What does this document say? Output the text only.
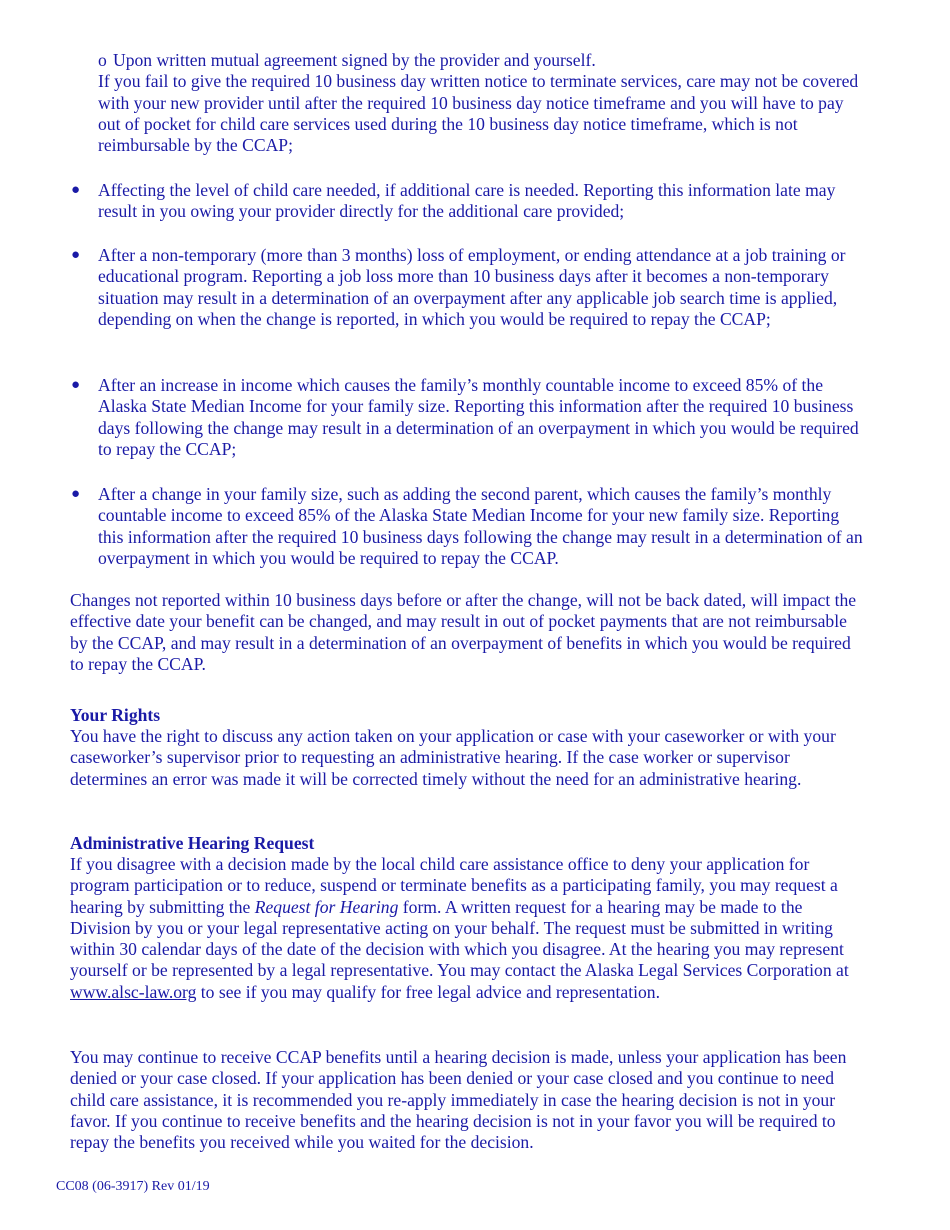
o Upon written mutual agreement signed by the provider and yourself.
If you fail to give the required 10 business day written notice to terminate services, care may not be covered with your new provider until after the required 10 business day notice timeframe and you will have to pay out of pocket for child care services used during the 10 business day notice timeframe, which is not reimbursable by the CCAP;
● Affecting the level of child care needed, if additional care is needed. Reporting this information late may result in you owing your provider directly for the additional care provided;
● After a non-temporary (more than 3 months) loss of employment, or ending attendance at a job training or educational program. Reporting a job loss more than 10 business days after it becomes a non-temporary situation may result in a determination of an overpayment after any applicable job search time is applied, depending on when the change is reported, in which you would be required to repay the CCAP;
● After an increase in income which causes the family’s monthly countable income to exceed 85% of the Alaska State Median Income for your family size. Reporting this information after the required 10 business days following the change may result in a determination of an overpayment in which you would be required to repay the CCAP;
● After a change in your family size, such as adding the second parent, which causes the family’s monthly countable income to exceed 85% of the Alaska State Median Income for your new family size. Reporting this information after the required 10 business days following the change may result in a determination of an overpayment in which you would be required to repay the CCAP.

Changes not reported within 10 business days before or after the change, will not be back dated, will impact the effective date your benefit can be changed, and may result in out of pocket payments that are not reimbursable by the CCAP, and may result in a determination of an overpayment of benefits in which you would be required to repay the CCAP.

Your Rights

You have the right to discuss any action taken on your application or case with your caseworker or with your caseworker’s supervisor prior to requesting an administrative hearing. If the case worker or supervisor determines an error was made it will be corrected timely without the need for an administrative hearing.

Administrative Hearing Request

If you disagree with a decision made by the local child care assistance office to deny your application for program participation or to reduce, suspend or terminate benefits as a participating family, you may request a hearing by submitting the Request for Hearing form. A written request for a hearing may be made to the Division by you or your legal representative acting on your behalf. The request must be submitted in writing within 30 calendar days of the date of the decision with which you disagree. At the hearing you may represent yourself or be represented by a legal representative. You may contact the Alaska Legal Services Corporation at www.alsc-law.org to see if you may qualify for free legal advice and representation.

You may continue to receive CCAP benefits until a hearing decision is made, unless your application has been denied or your case closed. If your application has been denied or your case closed and you continue to need child care assistance, it is recommended you re-apply immediately in case the hearing decision is not in your favor. If you continue to receive benefits and the hearing decision is not in your favor you will be required to repay the benefits you received while you waited for the decision.

CC08 (06-3917) Rev 01/19
